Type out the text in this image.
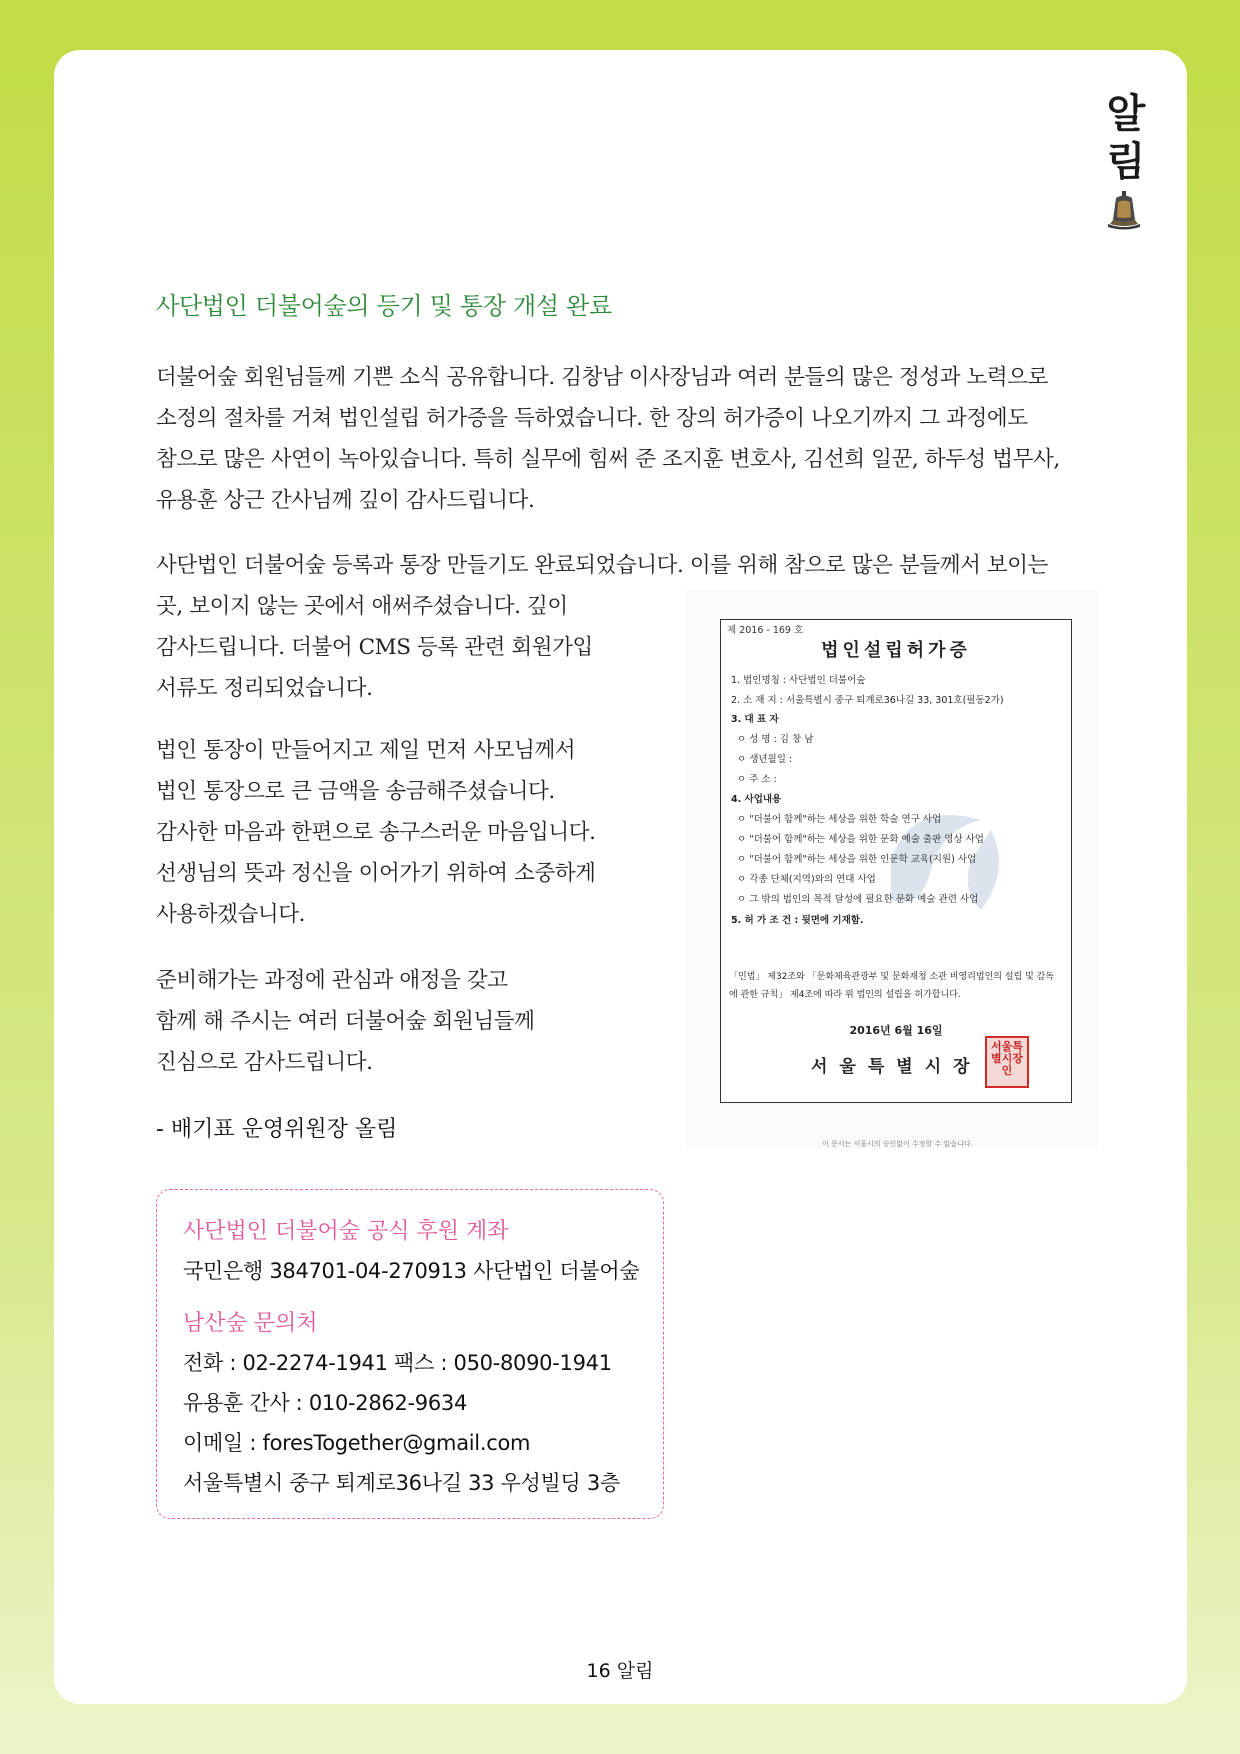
알
림
사단법인 더불어숲의 등기 및 통장 개설 완료

더불어숲 회원님들께 기쁜 소식 공유합니다. 김창남 이사장님과 여러 분들의 많은 정성과 노력으로

소정의 절차를 거쳐 법인설립 허가증을 득하였습니다. 한 장의 허가증이 나오기까지 그 과정에도

참으로 많은 사연이 녹아있습니다. 특히 실무에 힘써 준 조지훈 변호사, 김선희 일꾼, 하두성 법무사,

유용훈 상근 간사님께 깊이 감사드립니다.

사단법인 더불어숲 등록과 통장 만들기도 완료되었습니다. 이를 위해 참으로 많은 분들께서 보이는

곳, 보이지 않는 곳에서 애써주셨습니다. 깊이

감사드립니다. 더불어 CMS 등록 관련 회원가입

서류도 정리되었습니다.

법인 통장이 만들어지고 제일 먼저 사모님께서

법인 통장으로 큰 금액을 송금해주셨습니다.

감사한 마음과 한편으로 송구스러운 마음입니다.

선생님의 뜻과 정신을 이어가기 위하여 소중하게

사용하겠습니다.

준비해가는 과정에 관심과 애정을 갖고

함께 해 주시는 여러 더불어숲 회원님들께

진심으로 감사드립니다.

- 배기표 운영위원장 올림
제 2016 - 169 호
법인설립허가증
1. 법인명칭 : 사단법인 더불어숲
2. 소 재 지 : 서울특별시 중구 퇴계로36나길 33, 301호(필동2가)
3. 대 표 자
ㅇ 성 명 : 김 창 남
ㅇ 생년월일 :
ㅇ 주 소 :
4. 사업내용
ㅇ "더불어 함께"하는 세상을 위한 학술 연구 사업
ㅇ "더불어 함께"하는 세상을 위한 문화 예술 출판 영상 사업
ㅇ "더불어 함께"하는 세상을 위한 인문학 교육(지원) 사업
ㅇ 각종 단체(지역)와의 연대 사업
ㅇ 그 밖의 법인의 목적 달성에 필요한 문화 예술 관련 사업
5. 허 가 조 건 : 뒷면에 기재함.
「민법」 제32조와 「문화체육관광부 및 문화재청 소관 비영리법인의 설립 및 감독에 관한 규칙」 제4조에 따라 위 법인의 설립을 허가합니다.
2016년 6월 16일
서울특별시장
서울특별시장인
이 문서는 서울시의 승인없이 수정할 수 없습니다.
사단법인 더불어숲 공식 후원 계좌
국민은행 384701-04-270913 사단법인 더불어숲
남산숲 문의처
전화 : 02-2274-1941 팩스 : 050-8090-1941
유용훈 간사 : 010-2862-9634
이메일 : foresTogether@gmail.com
서울특별시 중구 퇴계로36나길 33 우성빌딩 3층
16 알림
